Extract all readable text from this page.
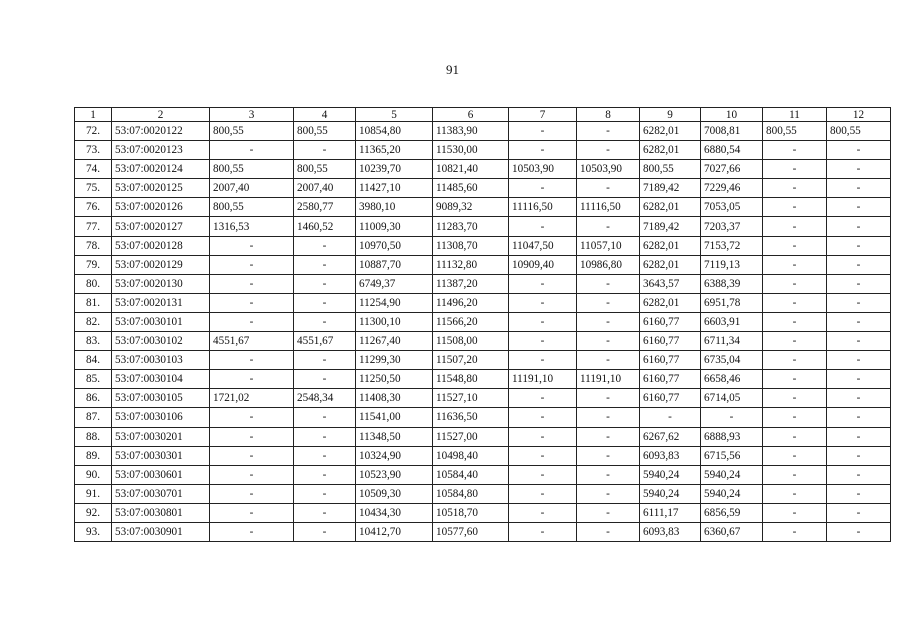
91
1	2	3	4	5	6	7	8	9	10	11	12
72.	53:07:0020122	800,55	800,55	10854,80	11383,90	-	-	6282,01	7008,81	800,55	800,55
73.	53:07:0020123	-	-	11365,20	11530,00	-	-	6282,01	6880,54	-	-
74.	53:07:0020124	800,55	800,55	10239,70	10821,40	10503,90	10503,90	800,55	7027,66	-	-
75.	53:07:0020125	2007,40	2007,40	11427,10	11485,60	-	-	7189,42	7229,46	-	-
76.	53:07:0020126	800,55	2580,77	3980,10	9089,32	11116,50	11116,50	6282,01	7053,05	-	-
77.	53:07:0020127	1316,53	1460,52	11009,30	11283,70	-	-	7189,42	7203,37	-	-
78.	53:07:0020128	-	-	10970,50	11308,70	11047,50	11057,10	6282,01	7153,72	-	-
79.	53:07:0020129	-	-	10887,70	11132,80	10909,40	10986,80	6282,01	7119,13	-	-
80.	53:07:0020130	-	-	6749,37	11387,20	-	-	3643,57	6388,39	-	-
81.	53:07:0020131	-	-	11254,90	11496,20	-	-	6282,01	6951,78	-	-
82.	53:07:0030101	-	-	11300,10	11566,20	-	-	6160,77	6603,91	-	-
83.	53:07:0030102	4551,67	4551,67	11267,40	11508,00	-	-	6160,77	6711,34	-	-
84.	53:07:0030103	-	-	11299,30	11507,20	-	-	6160,77	6735,04	-	-
85.	53:07:0030104	-	-	11250,50	11548,80	11191,10	11191,10	6160,77	6658,46	-	-
86.	53:07:0030105	1721,02	2548,34	11408,30	11527,10	-	-	6160,77	6714,05	-	-
87.	53:07:0030106	-	-	11541,00	11636,50	-	-	-	-	-	-
88.	53:07:0030201	-	-	11348,50	11527,00	-	-	6267,62	6888,93	-	-
89.	53:07:0030301	-	-	10324,90	10498,40	-	-	6093,83	6715,56	-	-
90.	53:07:0030601	-	-	10523,90	10584,40	-	-	5940,24	5940,24	-	-
91.	53:07:0030701	-	-	10509,30	10584,80	-	-	5940,24	5940,24	-	-
92.	53:07:0030801	-	-	10434,30	10518,70	-	-	6111,17	6856,59	-	-
93.	53:07:0030901	-	-	10412,70	10577,60	-	-	6093,83	6360,67	-	-
